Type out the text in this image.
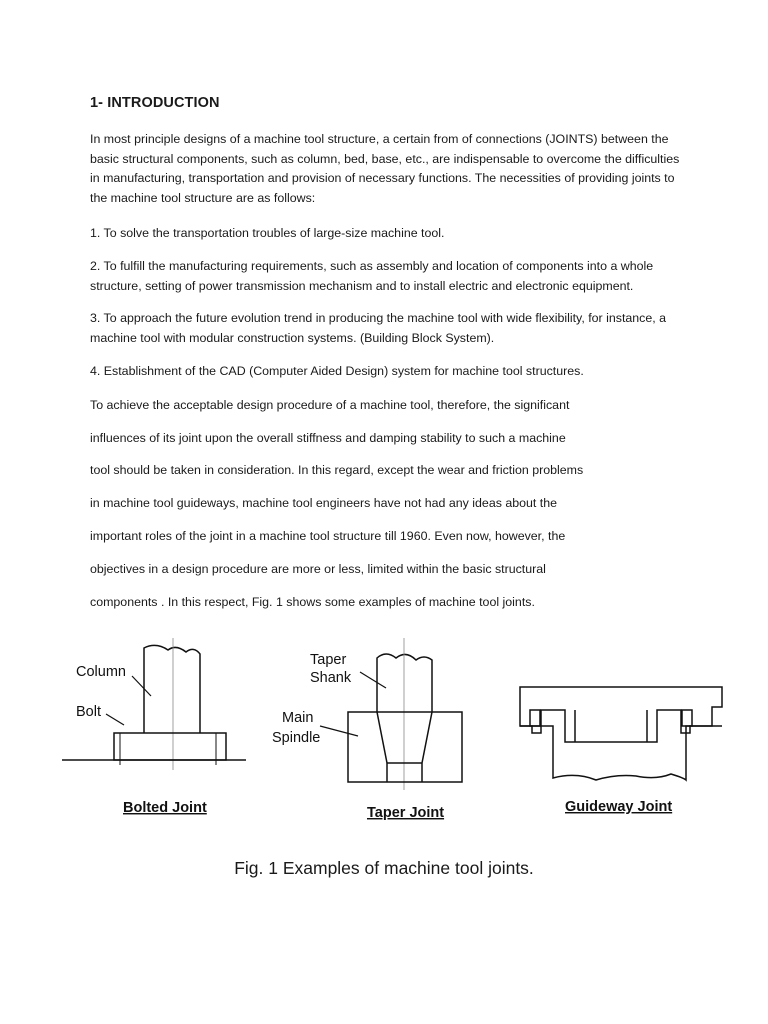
1- INTRODUCTION

In most principle designs of a machine tool structure, a certain from of connections (JOINTS) between the basic structural components, such as column, bed, base, etc., are indispensable to overcome the difficulties in manufacturing, transportation and provision of necessary functions. The necessities of providing joints to the machine tool structure are as follows:

1. To solve the transportation troubles of large-size machine tool.

2. To fulfill the manufacturing requirements, such as assembly and location of components into a whole structure, setting of power transmission mechanism and to install electric and electronic equipment.

3. To approach the future evolution trend in producing the machine tool with wide flexibility, for instance, a machine tool with modular construction systems. (Building Block System).

4. Establishment of the CAD (Computer Aided Design) system for machine tool structures.

To achieve the acceptable design procedure of a machine tool, therefore, the significant
influences of its joint upon the overall stiffness and damping stability to such a machine
tool should be taken in consideration. In this regard, except the wear and friction problems
in machine tool guideways, machine tool engineers have not had any ideas about the
important roles of the joint in a machine tool structure till 1960. Even now, however, the
objectives in a design procedure are more or less, limited within the basic structural
components . In this respect, Fig. 1 shows some examples of machine tool joints.
Column
Bolt
Bolted Joint
Taper
Shank
Main
Spindle
Taper Joint	Guideway Joint
Fig. 1 Examples of machine tool joints.
